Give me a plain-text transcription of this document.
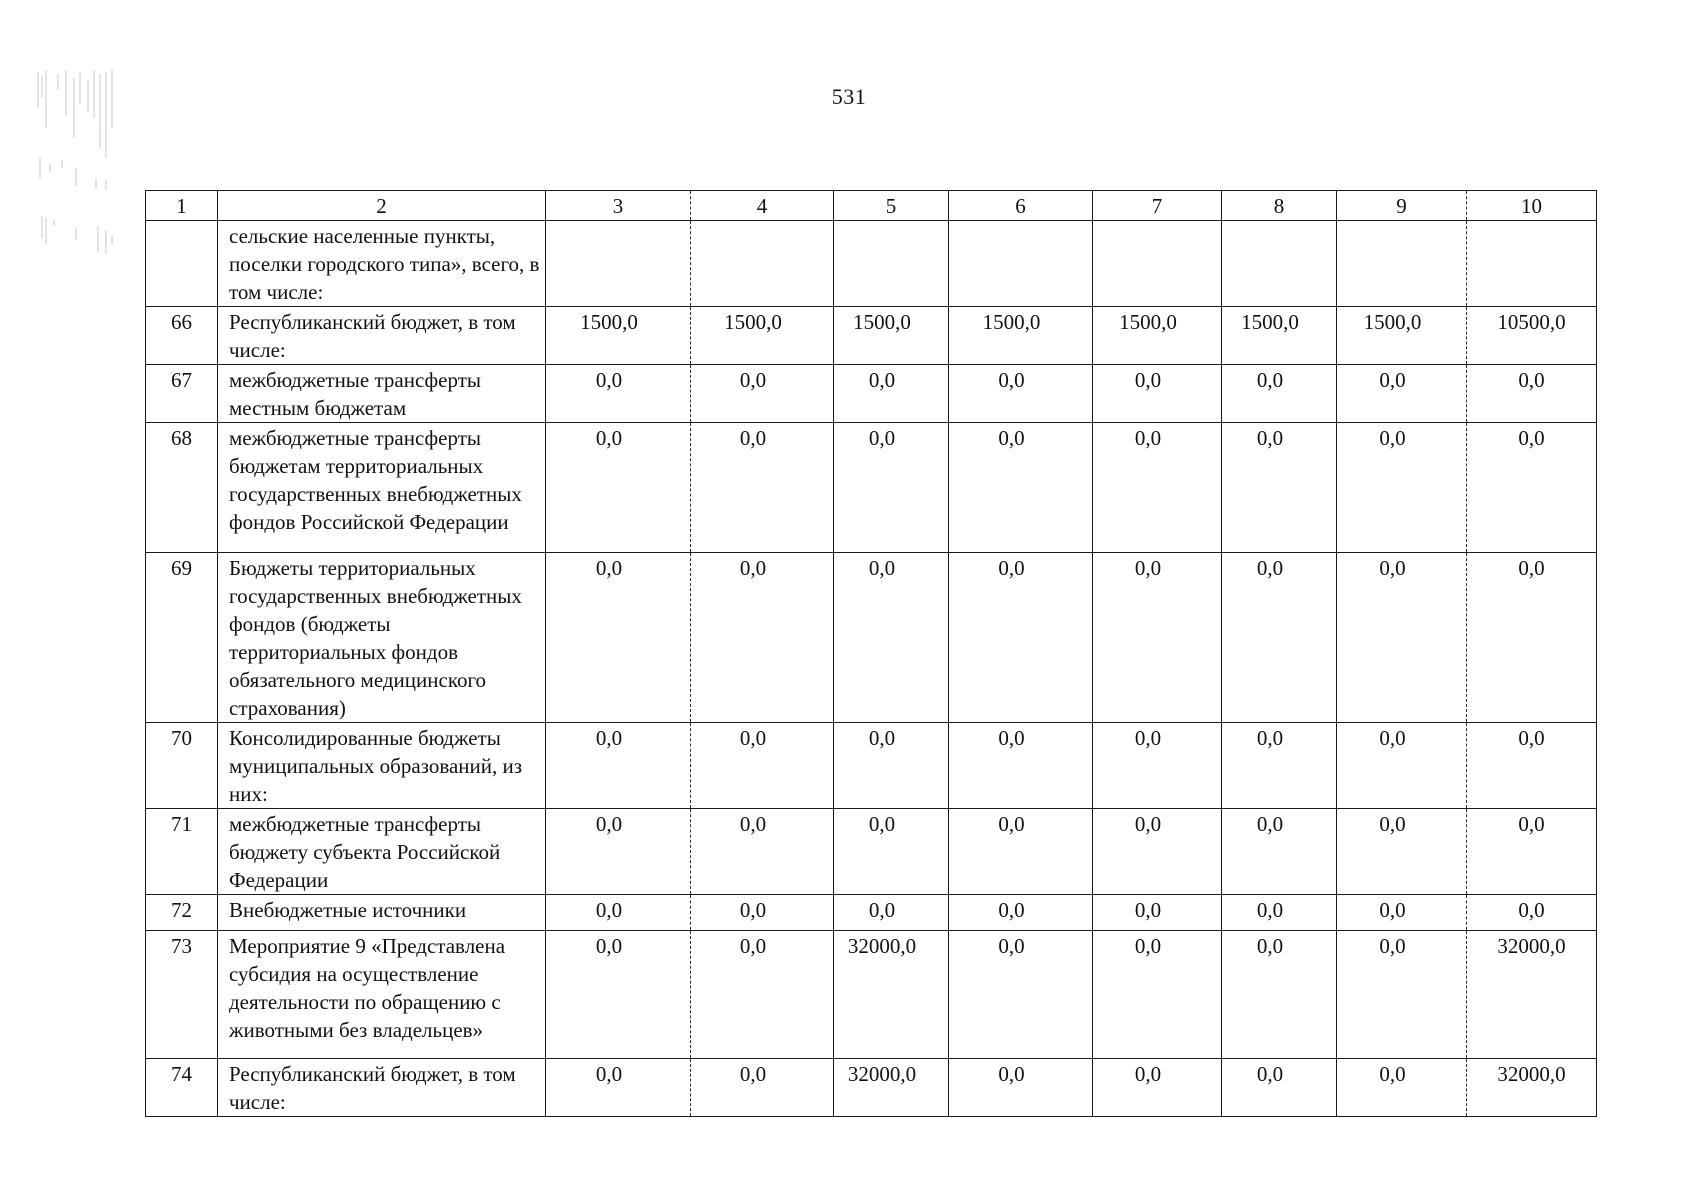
531
1	2	3	4	5	6	7	8	9	10
	сельские населенные пункты, поселки городского типа», всего, в том числе:								
66	Республиканский бюджет, в том числе:	1500,0	1500,0	1500,0	1500,0	1500,0	1500,0	1500,0	10500,0
67	межбюджетные трансферты местным бюджетам	0,0	0,0	0,0	0,0	0,0	0,0	0,0	0,0
68	межбюджетные трансферты бюджетам территориальных государственных внебюджетных фондов Российской Федерации	0,0	0,0	0,0	0,0	0,0	0,0	0,0	0,0
69	Бюджеты территориальных государственных внебюджетных фондов (бюджеты территориальных фондов обязательного медицинского страхования)	0,0	0,0	0,0	0,0	0,0	0,0	0,0	0,0
70	Консолидированные бюджеты муниципальных образований, из них:	0,0	0,0	0,0	0,0	0,0	0,0	0,0	0,0
71	межбюджетные трансферты бюджету субъекта Российской Федерации	0,0	0,0	0,0	0,0	0,0	0,0	0,0	0,0
72	Внебюджетные источники	0,0	0,0	0,0	0,0	0,0	0,0	0,0	0,0
73	Мероприятие 9 «Представлена субсидия на осуществление деятельности по обращению с животными без владельцев»	0,0	0,0	32000,0	0,0	0,0	0,0	0,0	32000,0
74	Республиканский бюджет, в том числе:	0,0	0,0	32000,0	0,0	0,0	0,0	0,0	32000,0
